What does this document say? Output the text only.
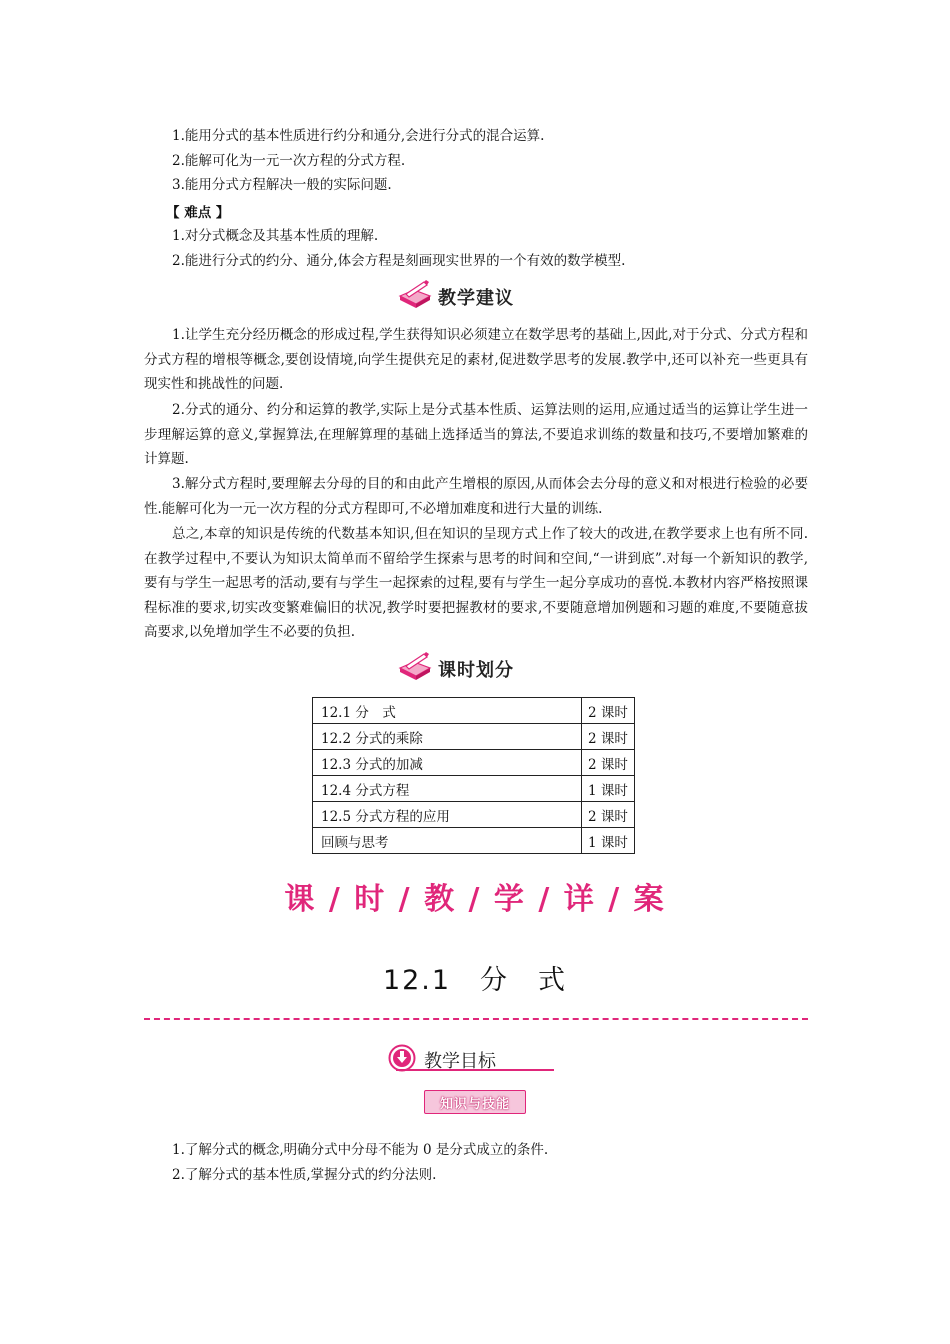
1.能用分式的基本性质进行约分和通分,会进行分式的混合运算.
2.能解可化为一元一次方程的分式方程.
3.能用分式方程解决一般的实际问题.
【 难点 】
1.对分式概念及其基本性质的理解.
2.能进行分式的约分、通分,体会方程是刻画现实世界的一个有效的数学模型.
教学建议
1.让学生充分经历概念的形成过程,学生获得知识必须建立在数学思考的基础上,因此,对于分式、分式方程和分式方程的增根等概念,要创设情境,向学生提供充足的素材,促进数学思考的发展.教学中,还可以补充一些更具有现实性和挑战性的问题.
2.分式的通分、约分和运算的教学,实际上是分式基本性质、运算法则的运用,应通过适当的运算让学生进一步理解运算的意义,掌握算法,在理解算理的基础上选择适当的算法,不要追求训练的数量和技巧,不要增加繁难的计算题.
3.解分式方程时,要理解去分母的目的和由此产生增根的原因,从而体会去分母的意义和对根进行检验的必要性.能解可化为一元一次方程的分式方程即可,不必增加难度和进行大量的训练.
总之,本章的知识是传统的代数基本知识,但在知识的呈现方式上作了较大的改进,在教学要求上也有所不同.在教学过程中,不要认为知识太简单而不留给学生探索与思考的时间和空间,“一讲到底”.对每一个新知识的教学,要有与学生一起思考的活动,要有与学生一起探索的过程,要有与学生一起分享成功的喜悦.本教材内容严格按照课程标准的要求,切实改变繁难偏旧的状况,教学时要把握教材的要求,不要随意增加例题和习题的难度,不要随意拔高要求,以免增加学生不必要的负担.
课时划分
12.1 分　式	2 课时
12.2 分式的乘除	2 课时
12.3 分式的加减	2 课时
12.4 分式方程	1 课时
12.5 分式方程的应用	2 课时
回顾与思考	1 课时
课 / 时 / 教 / 学 / 详 / 案
12.1　分　式
教学目标
知识与技能
1.了解分式的概念,明确分式中分母不能为 0 是分式成立的条件.
2.了解分式的基本性质,掌握分式的约分法则.
